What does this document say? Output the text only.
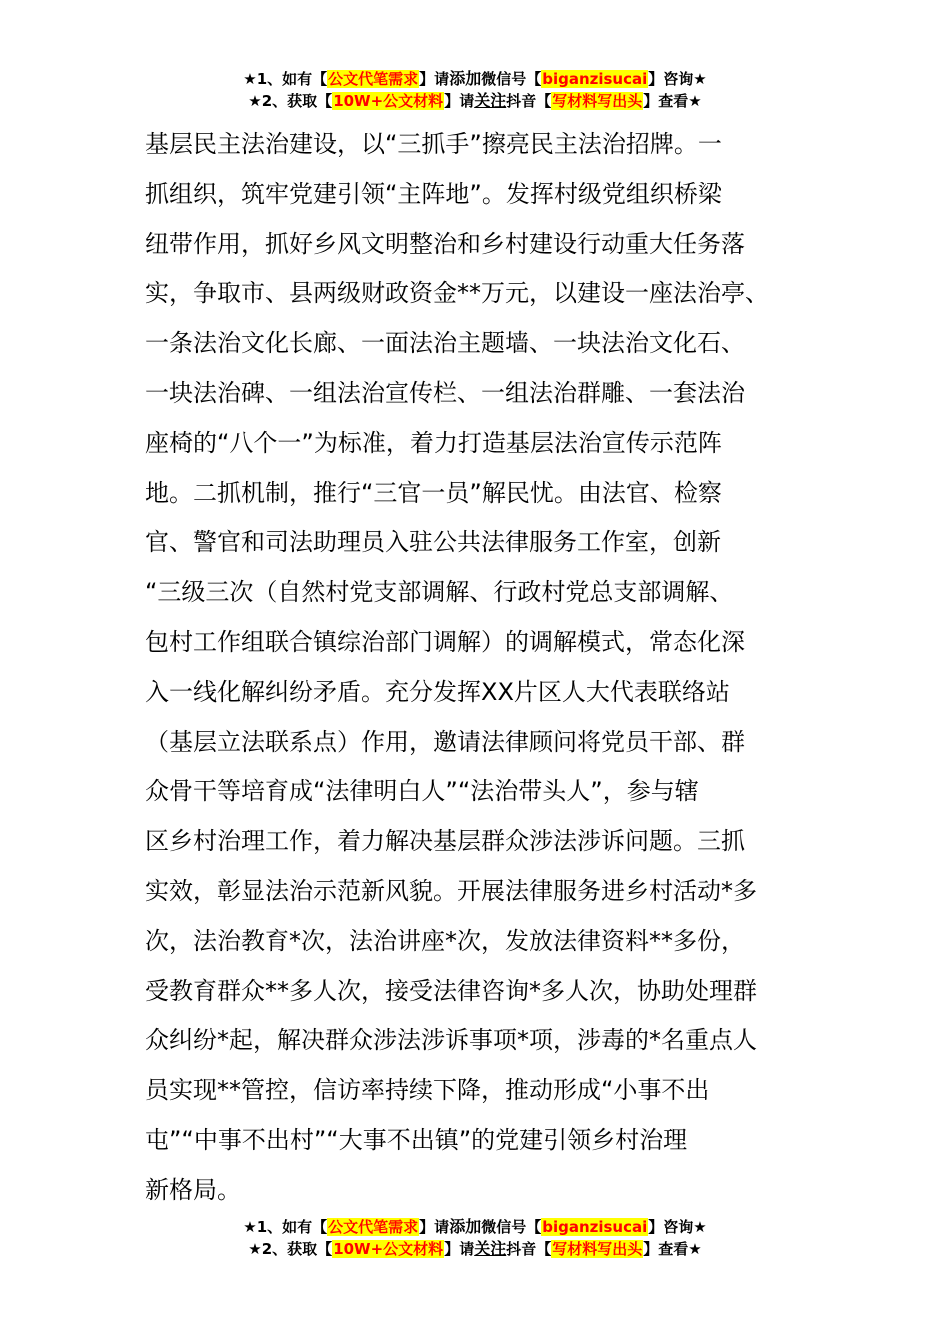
★1、如有【公文代笔需求】请添加微信号【biganzisucai】咨询★
★2、获取【10W+公文材料】请关注抖音【写材料写出头】查看★
基层民主法治建设，以“三抓手”擦亮民主法治招牌。一
抓组织，筑牢党建引领“主阵地”。发挥村级党组织桥梁
纽带作用，抓好乡风文明整治和乡村建设行动重大任务落
实，争取市、县两级财政资金**万元，以建设一座法治亭、
一条法治文化长廊、一面法治主题墙、一块法治文化石、
一块法治碑、一组法治宣传栏、一组法治群雕、一套法治
座椅的“八个一”为标准，着力打造基层法治宣传示范阵
地。二抓机制，推行“三官一员”解民忧。由法官、检察
官、警官和司法助理员入驻公共法律服务工作室，创新
“三级三次（自然村党支部调解、行政村党总支部调解、
包村工作组联合镇综治部门调解）的调解模式，常态化深
入一线化解纠纷矛盾。充分发挥XX片区人大代表联络站
（基层立法联系点）作用，邀请法律顾问将党员干部、群
众骨干等培育成“法律明白人”“法治带头人”，参与辖
区乡村治理工作，着力解决基层群众涉法涉诉问题。三抓
实效，彰显法治示范新风貌。开展法律服务进乡村活动*多
次，法治教育*次，法治讲座*次，发放法律资料**多份，
受教育群众**多人次，接受法律咨询*多人次，协助处理群
众纠纷*起，解决群众涉法涉诉事项*项，涉毒的*名重点人
员实现**管控，信访率持续下降，推动形成“小事不出
屯”“中事不出村”“大事不出镇”的党建引领乡村治理
新格局。
★1、如有【公文代笔需求】请添加微信号【biganzisucai】咨询★
★2、获取【10W+公文材料】请关注抖音【写材料写出头】查看★
